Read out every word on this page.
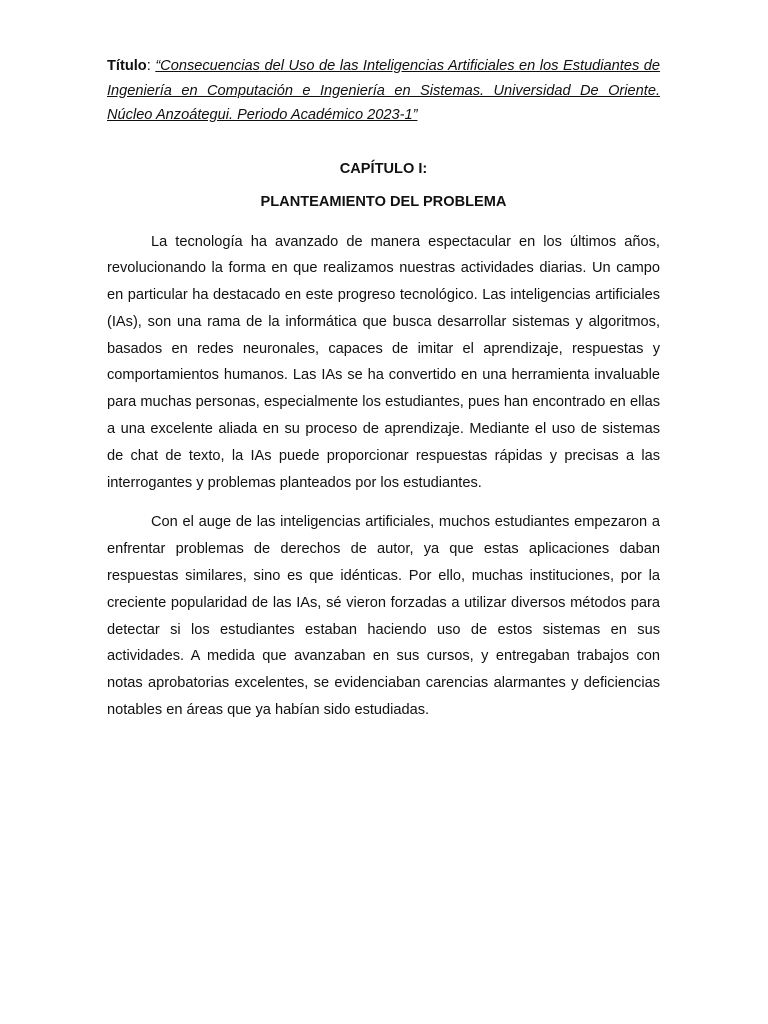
Título: “Consecuencias del Uso de las Inteligencias Artificiales en los Estudiantes de Ingeniería en Computación e Ingeniería en Sistemas. Universidad De Oriente. Núcleo Anzoátegui. Periodo Académico 2023-1”

CAPÍTULO I:

PLANTEAMIENTO DEL PROBLEMA

La tecnología ha avanzado de manera espectacular en los últimos años, revolucionando la forma en que realizamos nuestras actividades diarias. Un campo en particular ha destacado en este progreso tecnológico. Las inteligencias artificiales (IAs), son una rama de la informática que busca desarrollar sistemas y algoritmos, basados en redes neuronales, capaces de imitar el aprendizaje, respuestas y comportamientos humanos. Las IAs se ha convertido en una herramienta invaluable para muchas personas, especialmente los estudiantes, pues han encontrado en ellas a una excelente aliada en su proceso de aprendizaje. Mediante el uso de sistemas de chat de texto, la IAs puede proporcionar respuestas rápidas y precisas a las interrogantes y problemas planteados por los estudiantes.

Con el auge de las inteligencias artificiales, muchos estudiantes empezaron a enfrentar problemas de derechos de autor, ya que estas aplicaciones daban respuestas similares, sino es que idénticas. Por ello, muchas instituciones, por la creciente popularidad de las IAs, sé vieron forzadas a utilizar diversos métodos para detectar si los estudiantes estaban haciendo uso de estos sistemas en sus actividades. A medida que avanzaban en sus cursos, y entregaban trabajos con notas aprobatorias excelentes, se evidenciaban carencias alarmantes y deficiencias notables en áreas que ya habían sido estudiadas.
